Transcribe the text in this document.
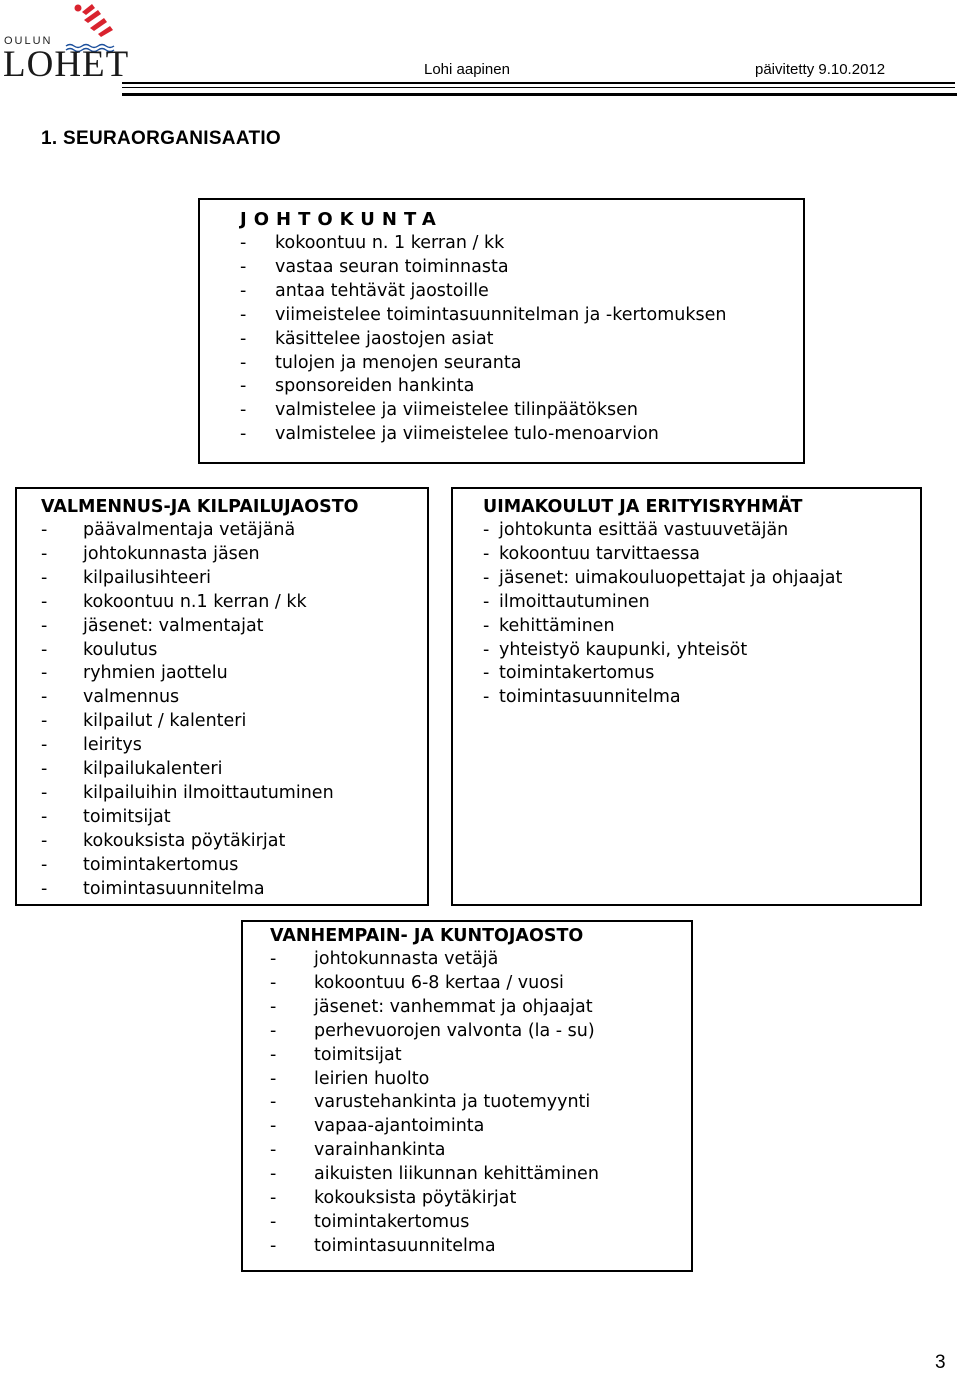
OULUN
LOHET	Lohi aapinen	päivitetty 9.10.2012
1. SEURAORGANISAATIO
JOHTOKUNTA
-	kokoontuu n. 1 kerran / kk
-	vastaa seuran toiminnasta
-	antaa tehtävät jaostoille
-	viimeistelee toimintasuunnitelman ja -kertomuksen
-	käsittelee jaostojen asiat
-	tulojen ja menojen seuranta
-	sponsoreiden hankinta
-	valmistelee ja viimeistelee tilinpäätöksen
-	valmistelee ja viimeistelee tulo-menoarvion
VALMENNUS-JA KILPAILUJAOSTO
-	päävalmentaja vetäjänä
-	johtokunnasta jäsen
-	kilpailusihteeri
-	kokoontuu n.1 kerran / kk
-	jäsenet: valmentajat
-	koulutus
-	ryhmien jaottelu
-	valmennus
-	kilpailut / kalenteri
-	leiritys
-	kilpailukalenteri
-	kilpailuihin ilmoittautuminen
-	toimitsijat
-	kokouksista pöytäkirjat
-	toimintakertomus
-	toimintasuunnitelma
UIMAKOULUT JA ERITYISRYHMÄT
- johtokunta esittää vastuuvetäjän
- kokoontuu tarvittaessa
- jäsenet: uimakouluopettajat ja ohjaajat
- ilmoittautuminen
- kehittäminen
- yhteistyö kaupunki, yhteisöt
- toimintakertomus
- toimintasuunnitelma
VANHEMPAIN- JA KUNTOJAOSTO
-	johtokunnasta vetäjä
-	kokoontuu 6-8 kertaa / vuosi
-	jäsenet: vanhemmat ja ohjaajat
-	perhevuorojen valvonta (la - su)
-	toimitsijat
-	leirien huolto
-	varustehankinta ja tuotemyynti
-	vapaa-ajantoiminta
-	varainhankinta
-	aikuisten liikunnan kehittäminen
-	kokouksista pöytäkirjat
-	toimintakertomus
-	toimintasuunnitelma
3
